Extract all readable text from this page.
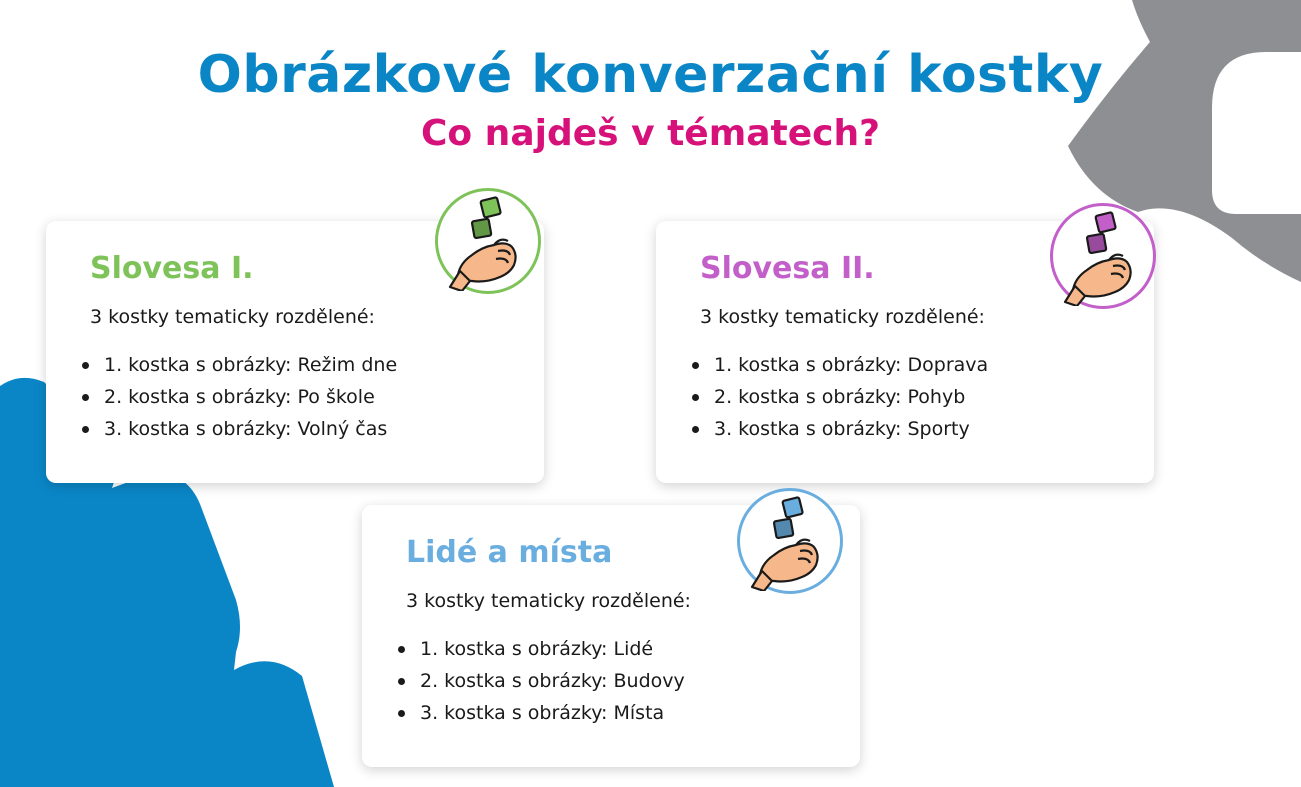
Obrázkové konverzační kostky
Co najdeš v tématech?
Slovesa I.

3 kostky tematicky rozdělené:

1. kostka s obrázky: Režim dne
2. kostka s obrázky: Po škole
3. kostka s obrázky: Volný čas
Slovesa II.

3 kostky tematicky rozdělené:

1. kostka s obrázky: Doprava
2. kostka s obrázky: Pohyb
3. kostka s obrázky: Sporty
Lidé a místa

3 kostky tematicky rozdělené:

1. kostka s obrázky: Lidé
2. kostka s obrázky: Budovy
3. kostka s obrázky: Místa
